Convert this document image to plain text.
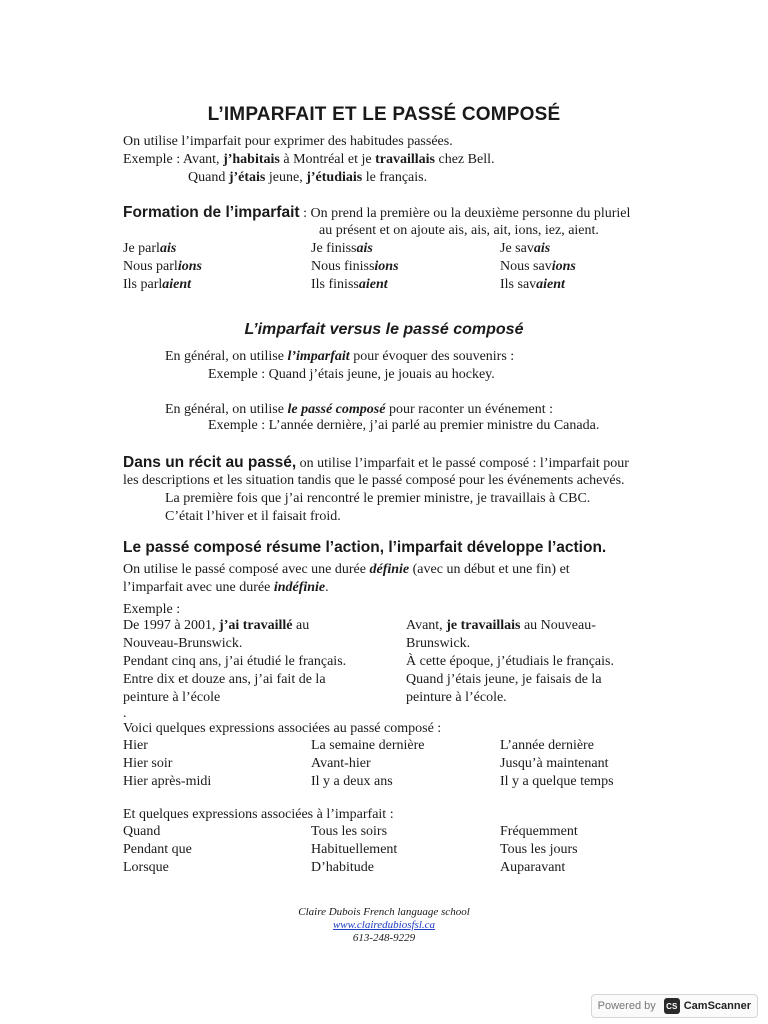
L’IMPARFAIT ET LE PASSÉ COMPOSÉ
On utilise l’imparfait pour exprimer des habitudes passées.
Exemple : Avant, j’habitais à Montréal et je travaillais chez Bell.
Quand j’étais jeune, j’étudiais le français.
Formation de l’imparfait : On prend la première ou la deuxième personne du pluriel
au présent et on ajoute ais, ais, ait, ions, iez, aient.
Je parlais
Nous parlions
Ils parlaient
Je finissais
Nous finissions
Ils finissaient
Je savais
Nous savions
Ils savaient
L’imparfait versus le passé composé
En général, on utilise l’imparfait pour évoquer des souvenirs :
Exemple : Quand j’étais jeune, je jouais au hockey.
En général, on utilise le passé composé pour raconter un événement :
Exemple : L’année dernière, j’ai parlé au premier ministre du Canada.
Dans un récit au passé, on utilise l’imparfait et le passé composé : l’imparfait pour
les descriptions et les situation tandis que le passé composé pour les événements achevés.
La première fois que j’ai rencontré le premier ministre, je travaillais à CBC.
C’était l’hiver et il faisait froid.
Le passé composé résume l’action, l’imparfait développe l’action.
On utilise le passé composé avec une durée définie (avec un début et une fin) et
l’imparfait avec une durée indéfinie.
Exemple :
De 1997 à 2001, j’ai travaillé au
Nouveau-Brunswick.
Pendant cinq ans, j’ai étudié le français.
Entre dix et douze ans, j’ai fait de la
peinture à l’école
Avant, je travaillais au Nouveau-
Brunswick.
À cette époque, j’étudiais le français.
Quand j’étais jeune, je faisais de la
peinture à l’école.
.
Voici quelques expressions associées au passé composé :
Hier
Hier soir
Hier après-midi
La semaine dernière
Avant-hier
Il y a deux ans
L’année dernière
Jusqu’à maintenant
Il y a quelque temps
Et quelques expressions associées à l’imparfait :
Quand
Pendant que
Lorsque
Tous les soirs
Habituellement
D’habitude
Fréquemment
Tous les jours
Auparavant
Claire Dubois French language school
www.clairedubiosfsl.ca
613-248-9229
Powered by	CS CamScanner
